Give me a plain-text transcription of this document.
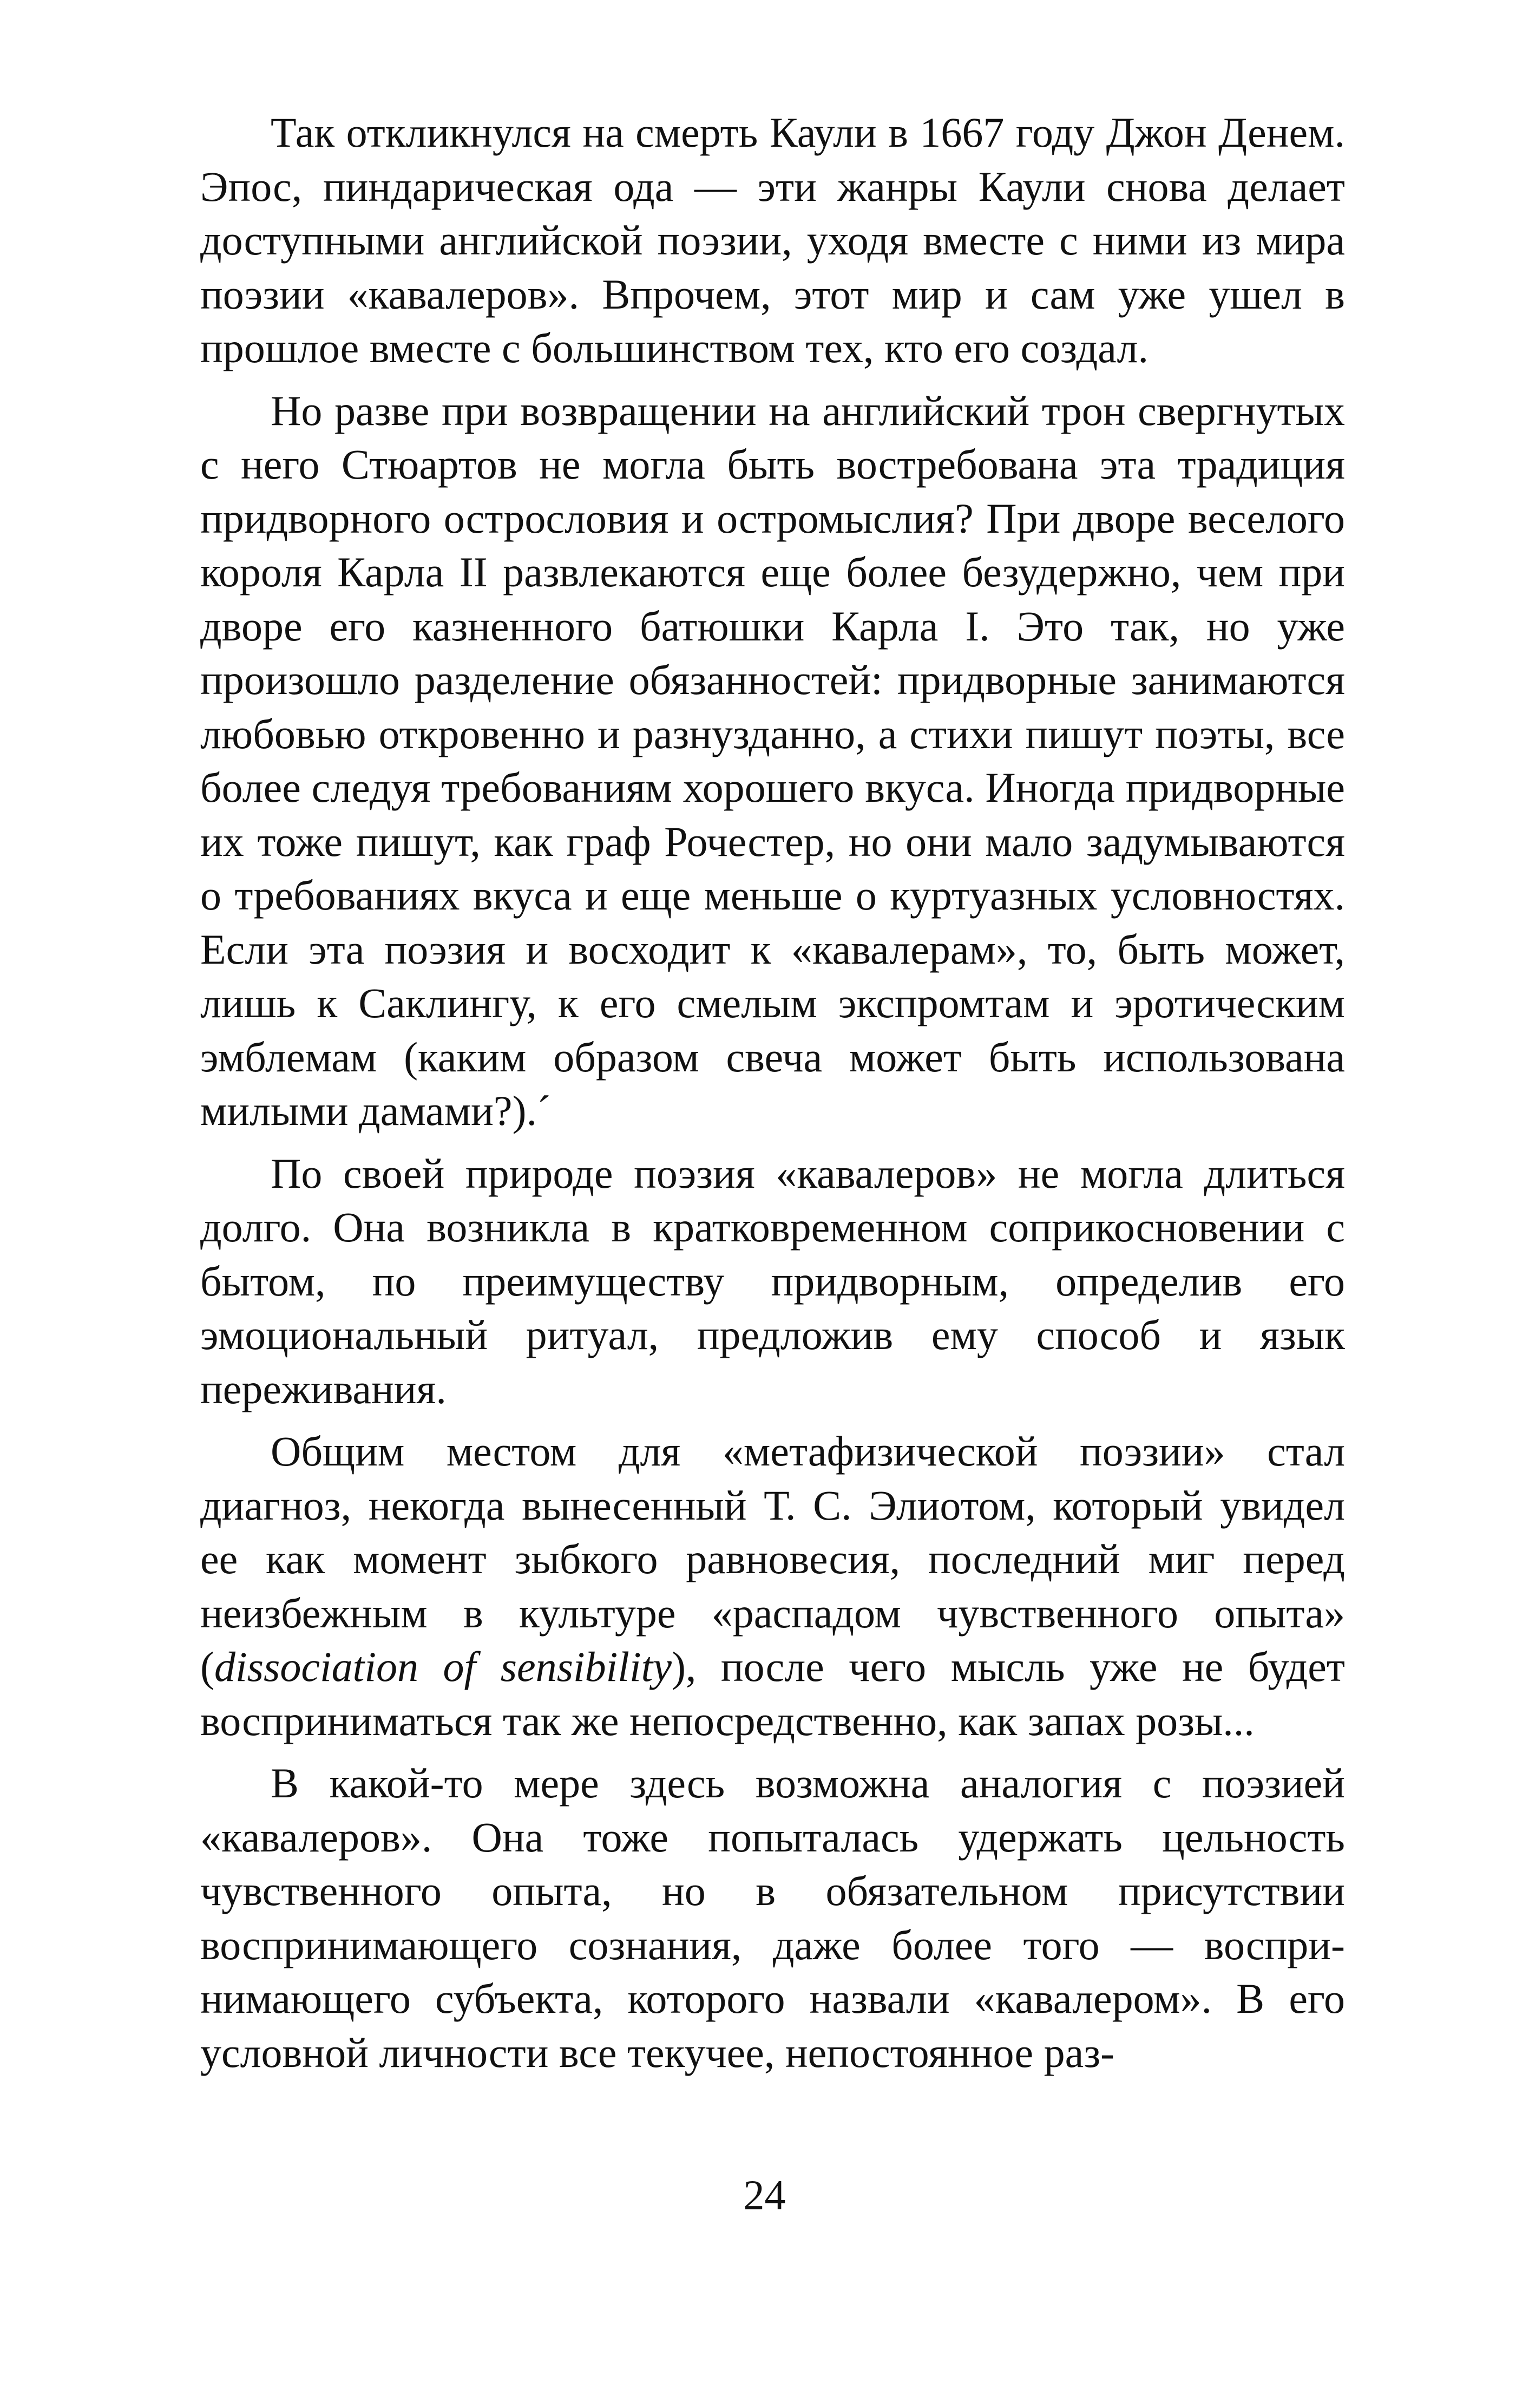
Так откликнулся на смерть Каули в 1667 году Джон Денем. Эпос, пиндарическая ода — эти жанры Каули снова делает доступными английской поэзии, уходя вместе с ними из мира поэзии «кавалеров». Впрочем, этот мир и сам уже ушел в прошлое вместе с большинством тех, кто его создал.

Но разве при возвращении на английский трон свергнутых с него Стюартов не могла быть востребована эта традиция придворного остроcловия и остромыслия? При дворе веселого короля Карла II развлекаются еще более безудержно, чем при дворе его казненного батюшки Карла I. Это так, но уже произошло разделение обязанностей: придворные занимаются любовью откровенно и разнузданно, а стихи пишут поэты, все более следуя требованиям хорошего вкуса. Иногда придворные их тоже пишут, как граф Рочестер, но они мало задумываются о требованиях вкуса и еще меньше о куртуазных условностях. Если эта поэзия и восходит к «кавалерам», то, быть может, лишь к Саклингу, к его смелым экспромтам и эротическим эмблемам (каким образом свеча может быть использована милыми дамами?).´

По своей природе поэзия «кавалеров» не могла длиться долго. Она возникла в кратковременном соприкосновении с бытом, по преимуществу придворным, определив его эмоциональный ритуал, предложив ему способ и язык переживания.

Общим местом для «метафизической поэзии» стал диагноз, некогда вынесенный Т. С. Элиотом, который увидел ее как момент зыбкого равновесия, последний миг перед неизбежным в культуре «распадом чувственного опыта» (dissociation of sensibility), после чего мысль уже не будет восприниматься так же непосредственно, как запах розы...

В какой-то мере здесь возможна аналогия с поэзией «кавалеров». Она тоже попыталась удержать цельность чувственного опыта, но в обязательном присутствии воспринимающего сознания, даже более того — воспринимающего субъекта, которого назвали «кавалером». В его условной личности все текучее, непостоянное раз-

24
